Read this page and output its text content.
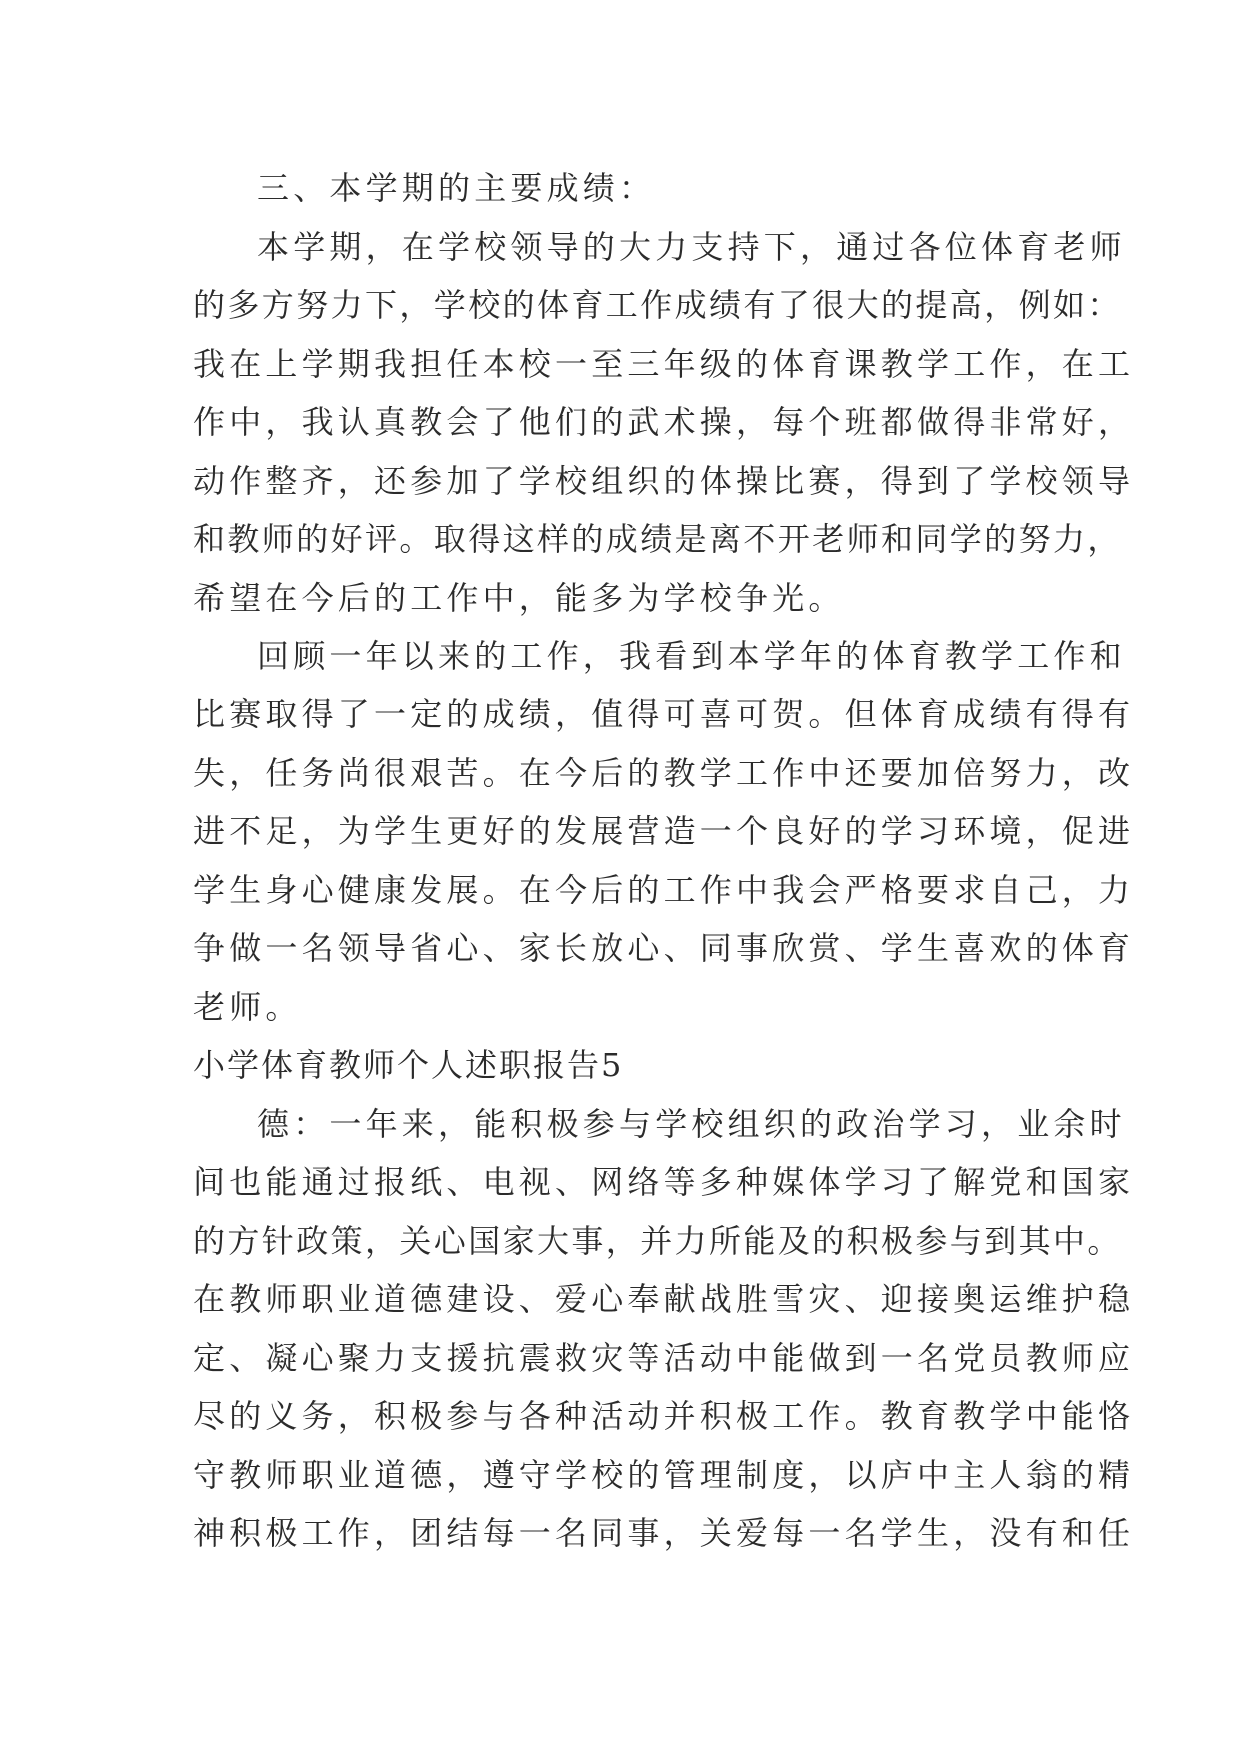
三、本学期的主要成绩：
本学期，在学校领导的大力支持下，通过各位体育老师
的多方努力下，学校的体育工作成绩有了很大的提高，例如：
我在上学期我担任本校一至三年级的体育课教学工作，在工
作中，我认真教会了他们的武术操，每个班都做得非常好，
动作整齐，还参加了学校组织的体操比赛，得到了学校领导
和教师的好评。取得这样的成绩是离不开老师和同学的努力，
希望在今后的工作中，能多为学校争光。
回顾一年以来的工作，我看到本学年的体育教学工作和
比赛取得了一定的成绩，值得可喜可贺。但体育成绩有得有
失，任务尚很艰苦。在今后的教学工作中还要加倍努力，改
进不足，为学生更好的发展营造一个良好的学习环境，促进
学生身心健康发展。在今后的工作中我会严格要求自己，力
争做一名领导省心、家长放心、同事欣赏、学生喜欢的体育
老师。
小学体育教师个人述职报告5
德：一年来，能积极参与学校组织的政治学习，业余时
间也能通过报纸、电视、网络等多种媒体学习了解党和国家
的方针政策，关心国家大事，并力所能及的积极参与到其中。
在教师职业道德建设、爱心奉献战胜雪灾、迎接奥运维护稳
定、凝心聚力支援抗震救灾等活动中能做到一名党员教师应
尽的义务，积极参与各种活动并积极工作。教育教学中能恪
守教师职业道德，遵守学校的管理制度，以庐中主人翁的精
神积极工作，团结每一名同事，关爱每一名学生，没有和任
